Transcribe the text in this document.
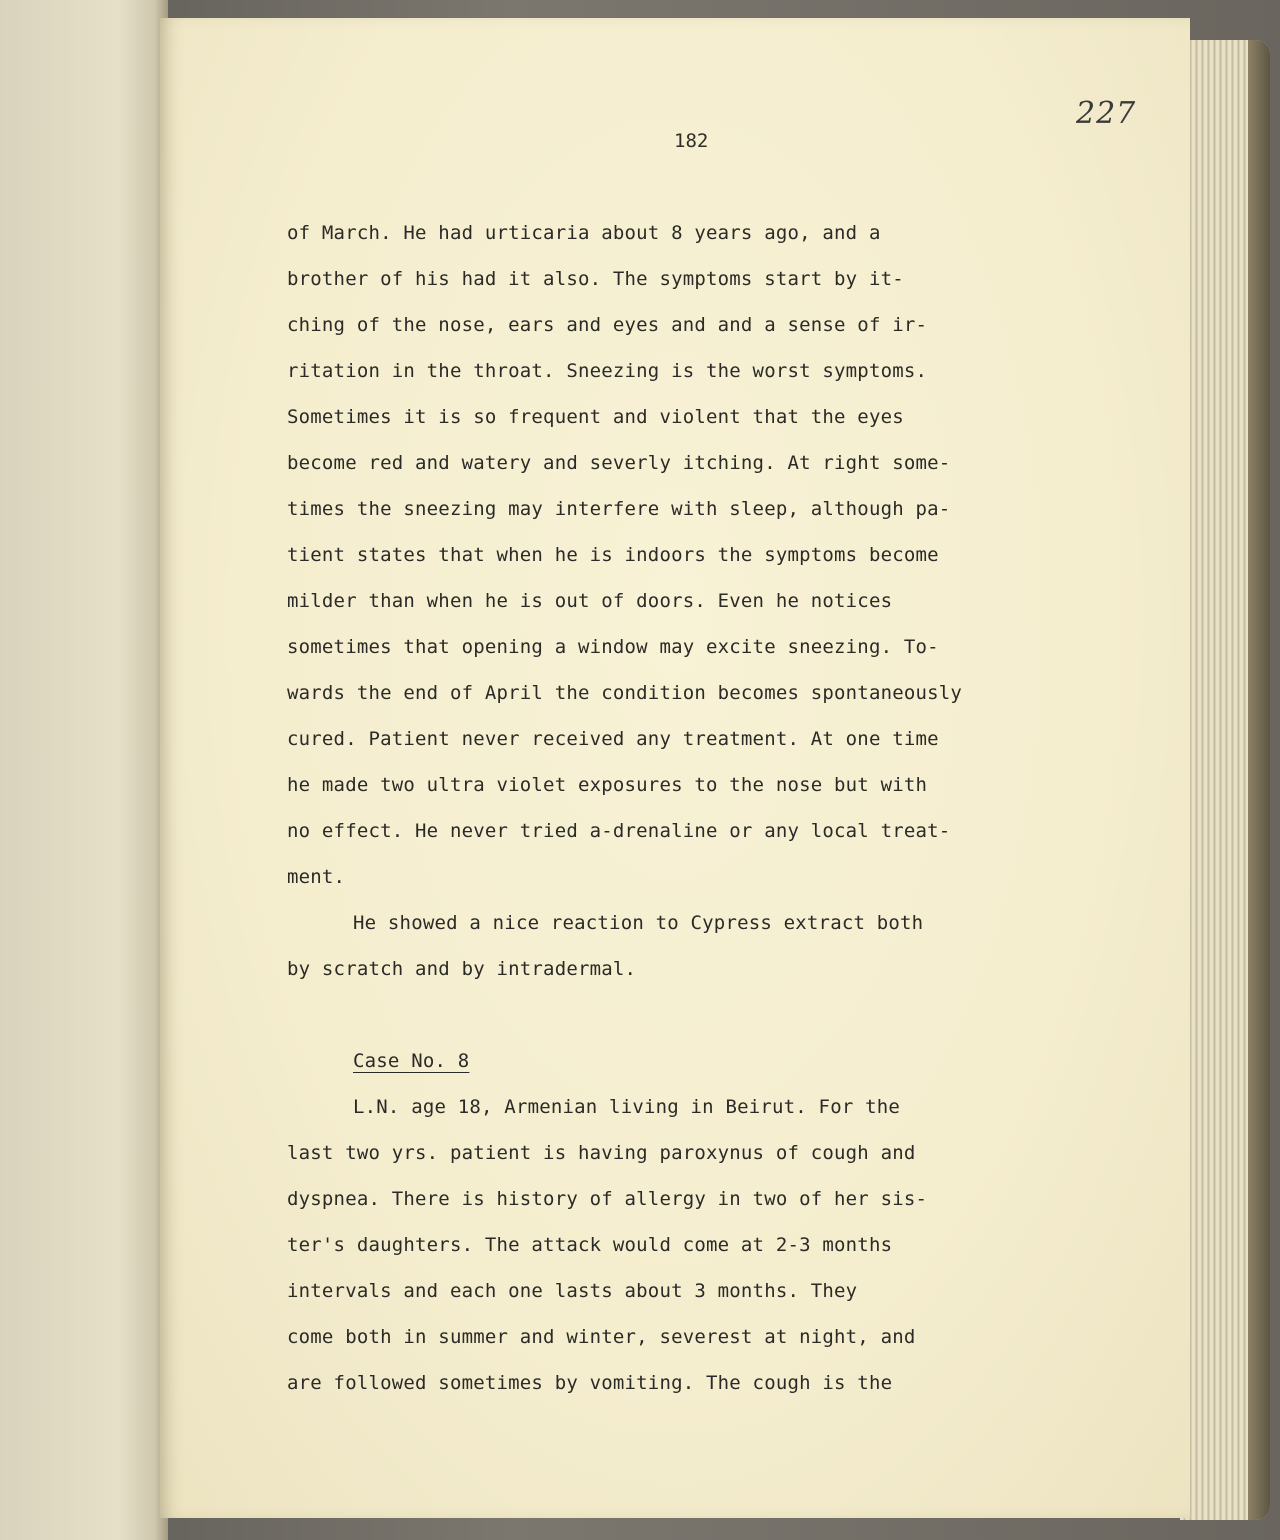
227
182
of March. He had urticaria about 8 years ago, and a
brother of his had it also. The symptoms start by it-
ching of the nose, ears and eyes and and a sense of ir-
ritation in the throat. Sneezing is the worst symptoms.
Sometimes it is so frequent and violent that the eyes
become red and watery and severly itching. At right some-
times the sneezing may interfere with sleep, although pa-
tient states that when he is indoors the symptoms become
milder than when he is out of doors. Even he notices
sometimes that opening a window may excite sneezing. To-
wards the end of April the condition becomes spontaneously
cured. Patient never received any treatment. At one time
he made two ultra violet exposures to the nose but with
no effect. He never tried a-drenaline or any local treat-
ment.
He showed a nice reaction to Cypress extract both
by scratch and by intradermal.
Case No. 8
L.N. age 18, Armenian living in Beirut. For the
last two yrs. patient is having paroxynus of cough and
dyspnea. There is history of allergy in two of her sis-
ter's daughters. The attack would come at 2-3 months
intervals and each one lasts about 3 months. They
come both in summer and winter, severest at night, and
are followed sometimes by vomiting. The cough is the
